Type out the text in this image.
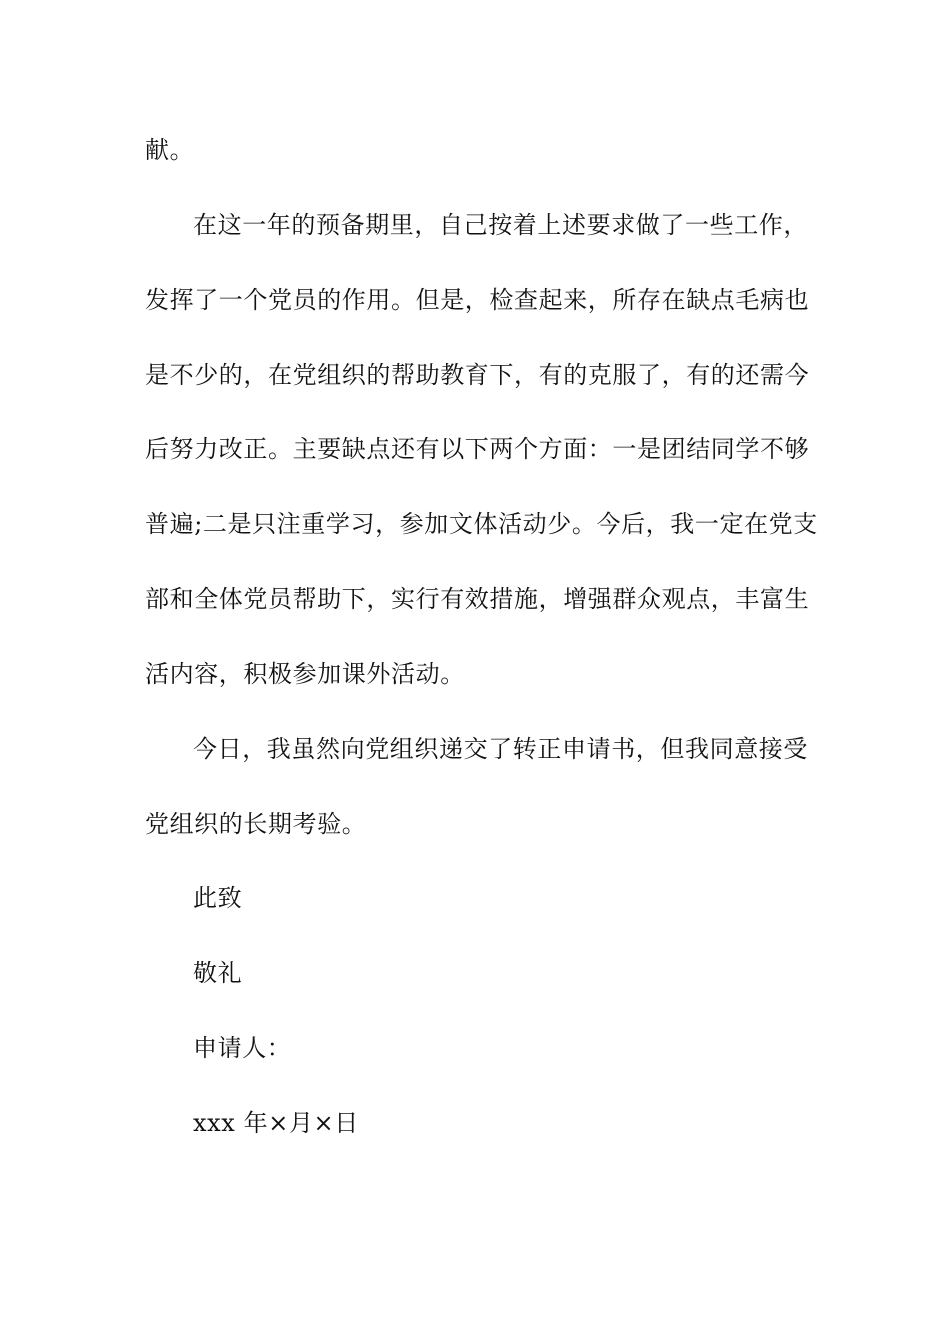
献。
在这一年的预备期里，自己按着上述要求做了一些工作，
发挥了一个党员的作用。但是，检查起来，所存在缺点毛病也
是不少的，在党组织的帮助教育下，有的克服了，有的还需今
后努力改正。主要缺点还有以下两个方面：一是团结同学不够
普遍;二是只注重学习，参加文体活动少。今后，我一定在党支
部和全体党员帮助下，实行有效措施，增强群众观点，丰富生
活内容，积极参加课外活动。
今日，我虽然向党组织递交了转正申请书，但我同意接受
党组织的长期考验。
此致
敬礼
申请人：
xxx 年×月×日
